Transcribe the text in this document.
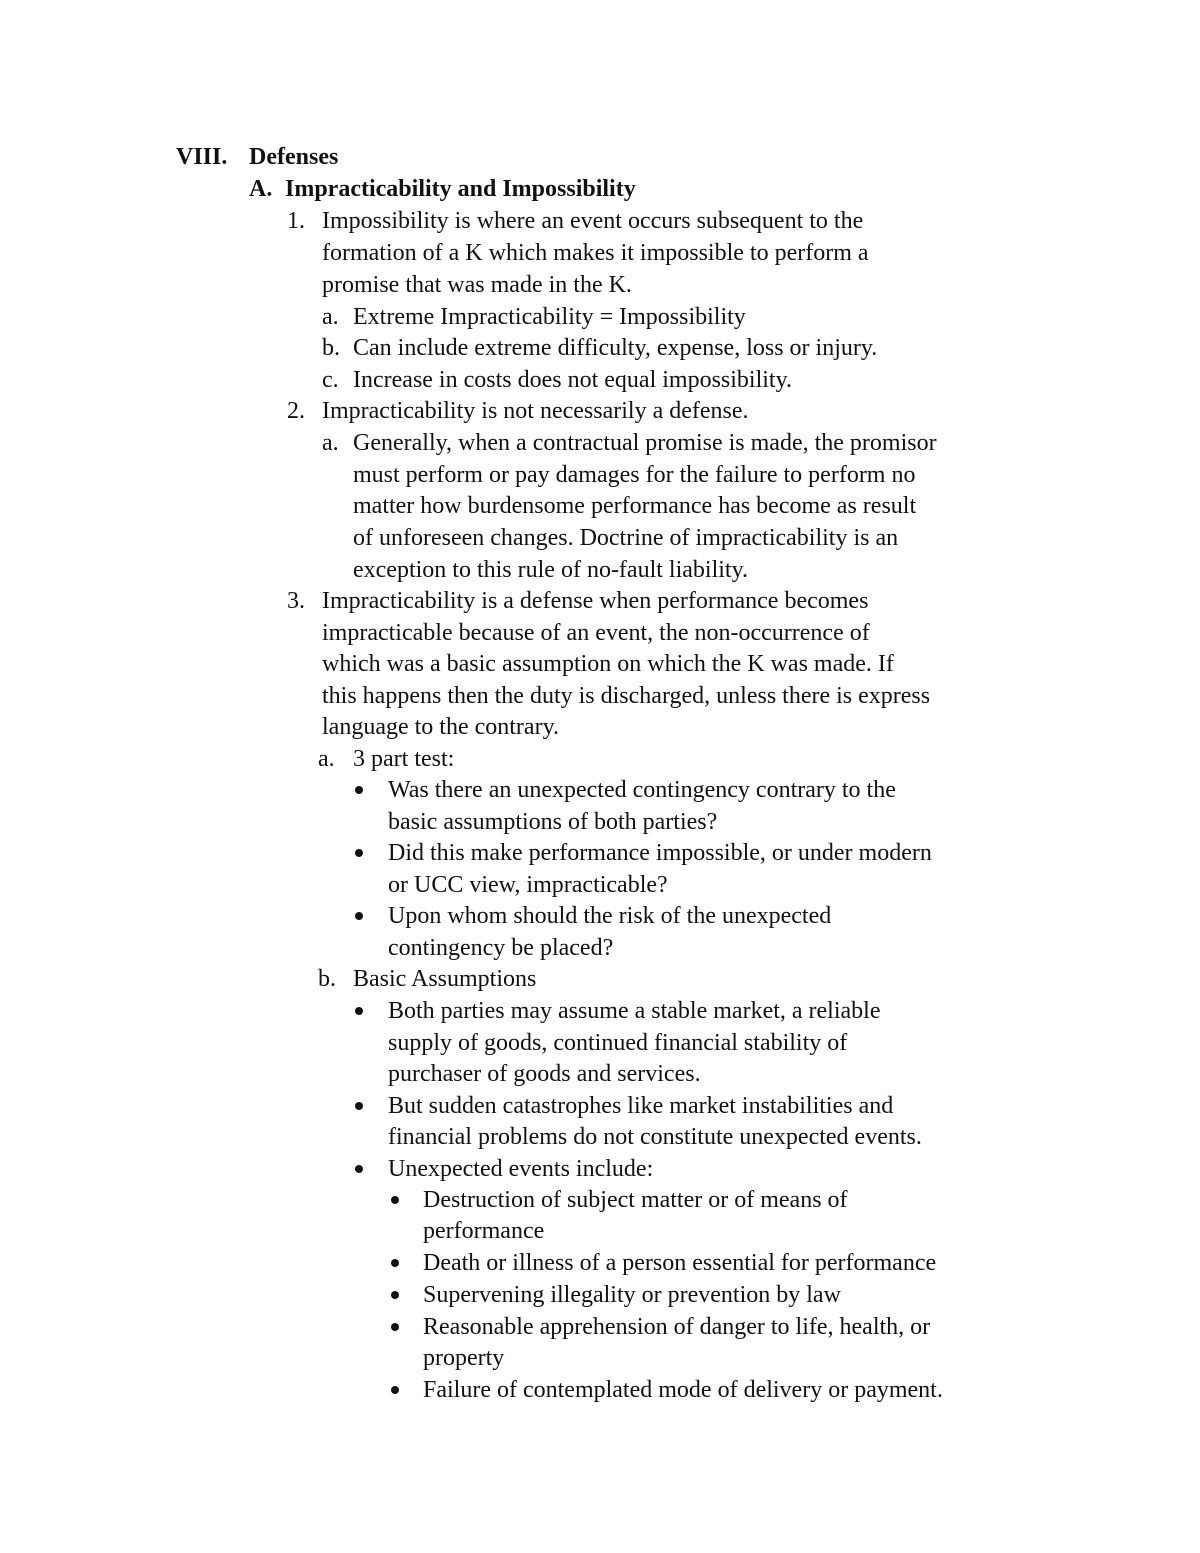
VIII. Defenses
A. Impracticability and Impossibility
1. Impossibility is where an event occurs subsequent to the
formation of a K which makes it impossible to perform a
promise that was made in the K.
a. Extreme Impracticability = Impossibility
b. Can include extreme difficulty, expense, loss or injury.
c. Increase in costs does not equal impossibility.
2. Impracticability is not necessarily a defense.
a. Generally, when a contractual promise is made, the promisor
must perform or pay damages for the failure to perform no
matter how burdensome performance has become as result
of unforeseen changes. Doctrine of impracticability is an
exception to this rule of no-fault liability.
3. Impracticability is a defense when performance becomes
impracticable because of an event, the non-occurrence of
which was a basic assumption on which the K was made. If
this happens then the duty is discharged, unless there is express
language to the contrary.
a. 3 part test:
Was there an unexpected contingency contrary to the
basic assumptions of both parties?
Did this make performance impossible, or under modern
or UCC view, impracticable?
Upon whom should the risk of the unexpected
contingency be placed?
b. Basic Assumptions
Both parties may assume a stable market, a reliable
supply of goods, continued financial stability of
purchaser of goods and services.
But sudden catastrophes like market instabilities and
financial problems do not constitute unexpected events.
Unexpected events include:
Destruction of subject matter or of means of
performance
Death or illness of a person essential for performance
Supervening illegality or prevention by law
Reasonable apprehension of danger to life, health, or
property
Failure of contemplated mode of delivery or payment.
